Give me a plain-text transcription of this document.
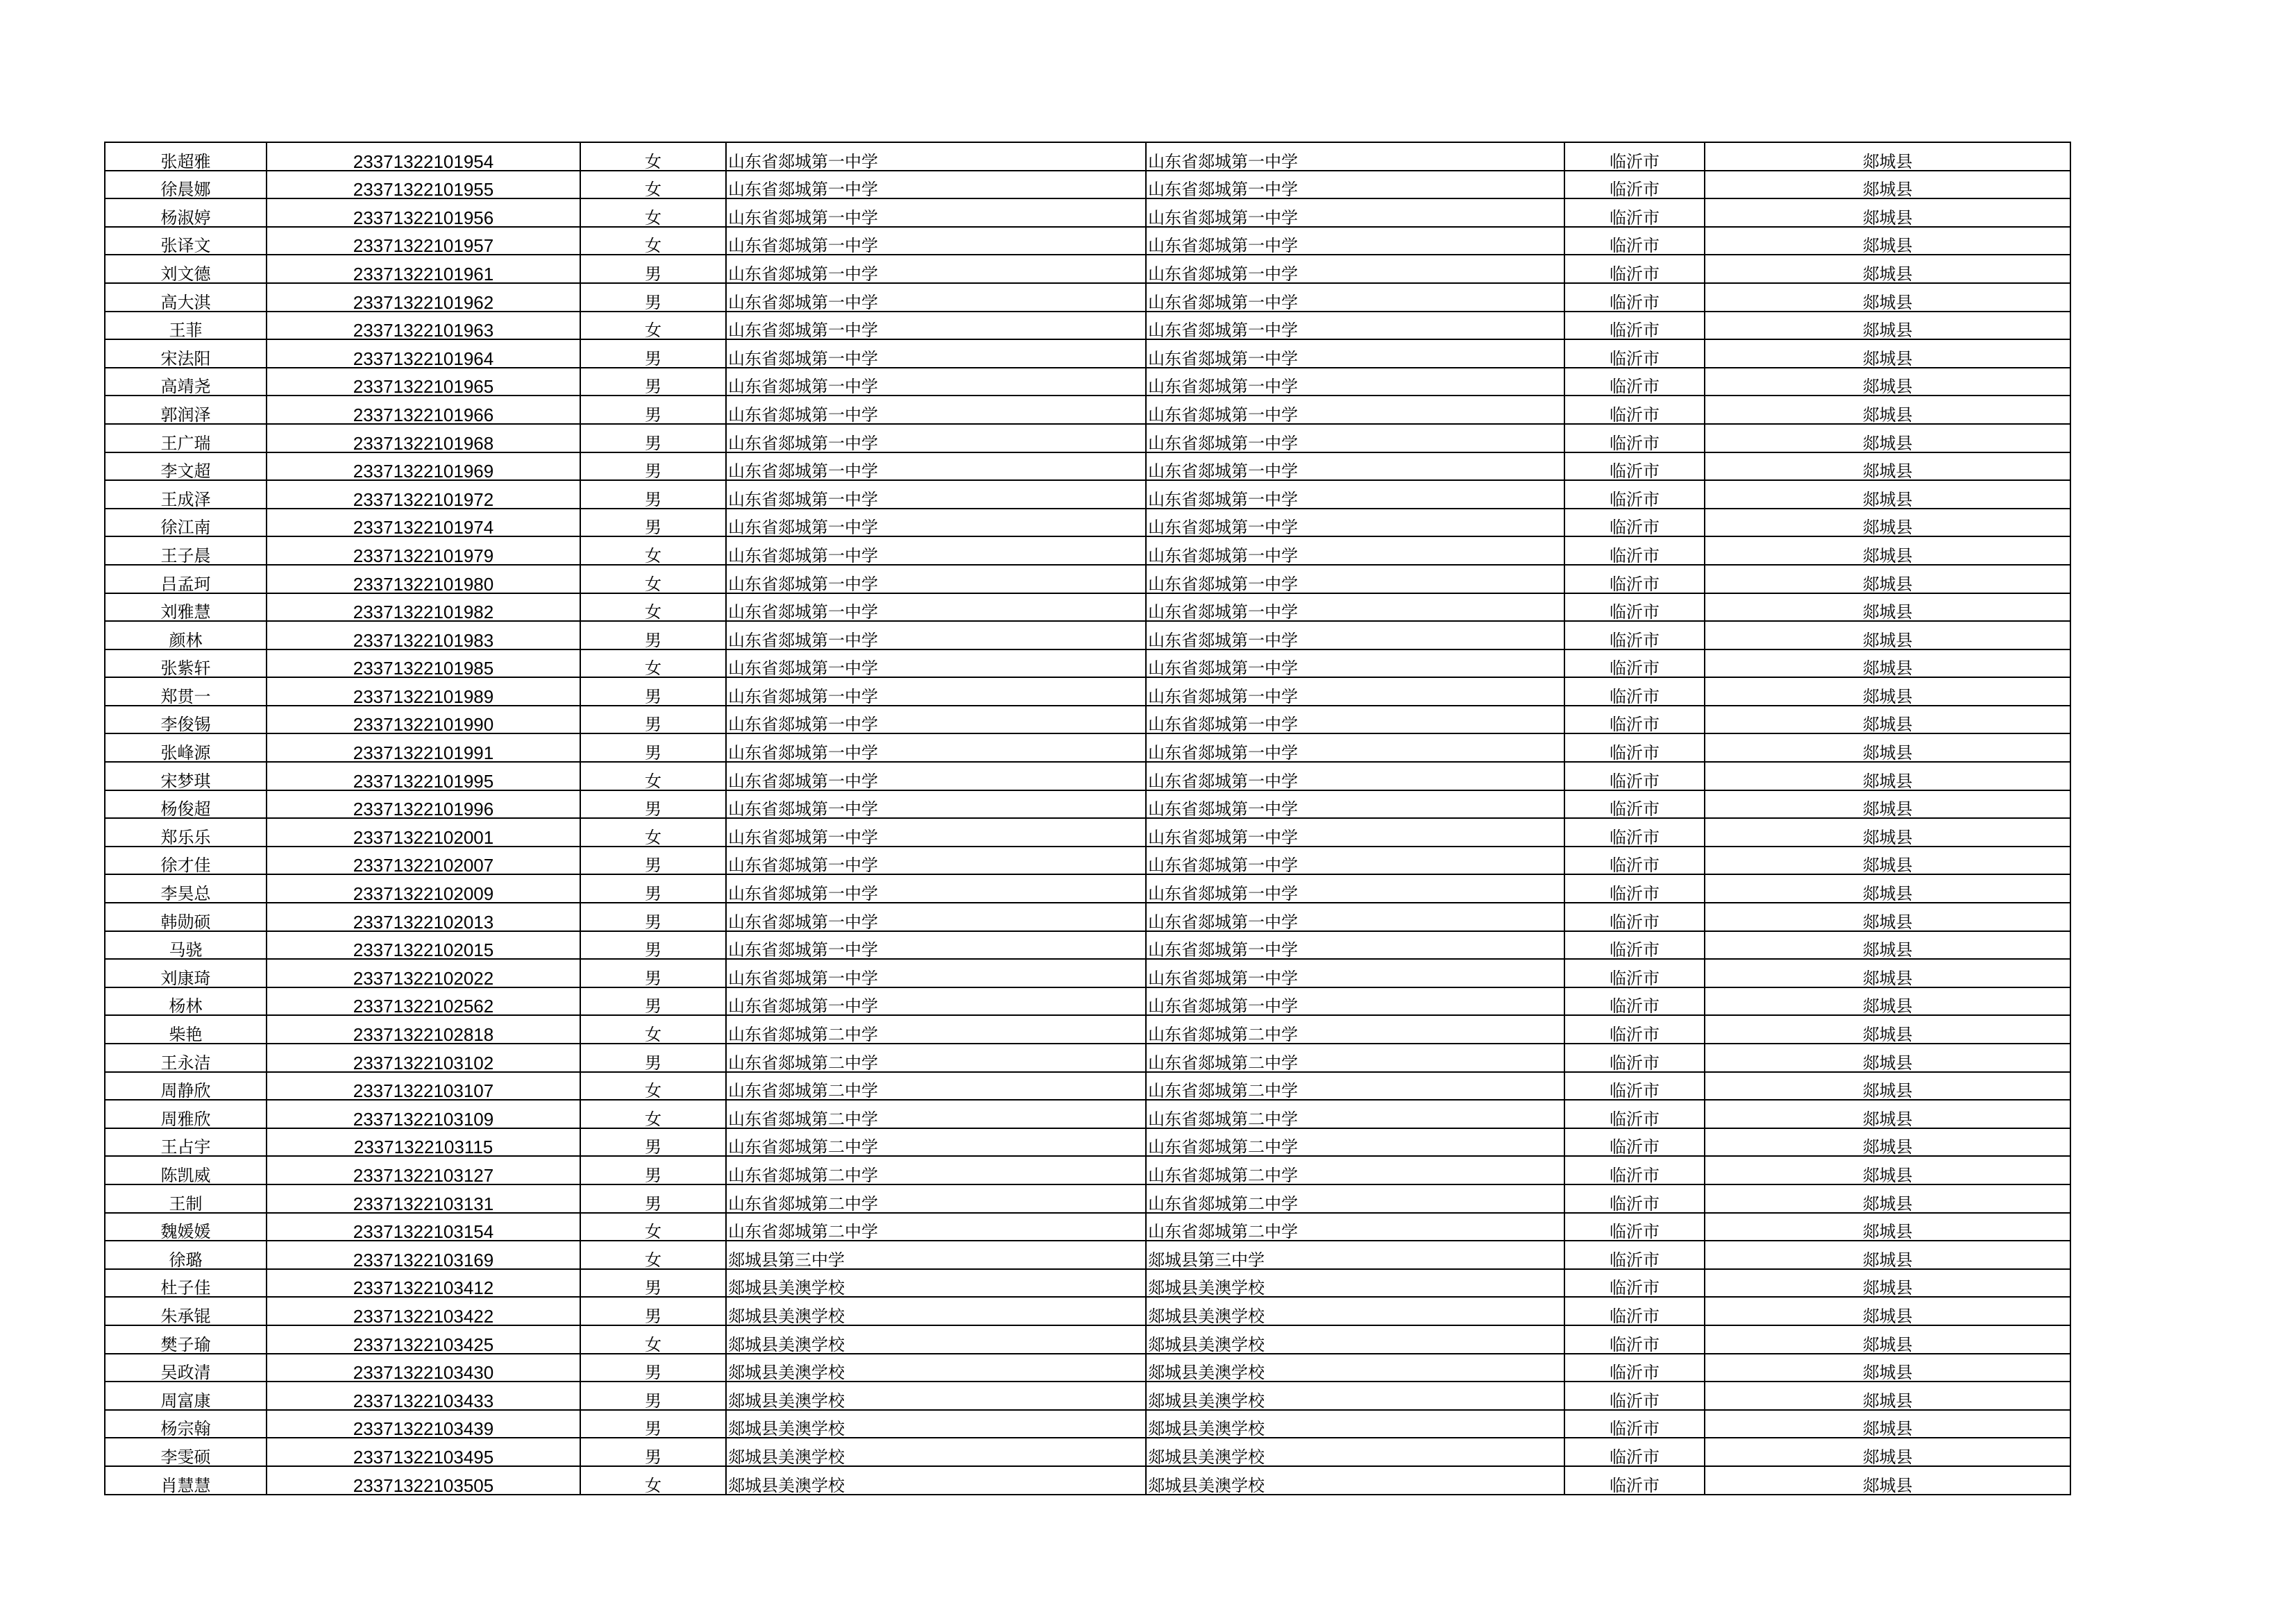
张超雅	23371322101954	女	山东省郯城第一中学	山东省郯城第一中学	临沂市	郯城县
徐晨娜	23371322101955	女	山东省郯城第一中学	山东省郯城第一中学	临沂市	郯城县
杨淑婷	23371322101956	女	山东省郯城第一中学	山东省郯城第一中学	临沂市	郯城县
张译文	23371322101957	女	山东省郯城第一中学	山东省郯城第一中学	临沂市	郯城县
刘文德	23371322101961	男	山东省郯城第一中学	山东省郯城第一中学	临沂市	郯城县
高大淇	23371322101962	男	山东省郯城第一中学	山东省郯城第一中学	临沂市	郯城县
王菲	23371322101963	女	山东省郯城第一中学	山东省郯城第一中学	临沂市	郯城县
宋法阳	23371322101964	男	山东省郯城第一中学	山东省郯城第一中学	临沂市	郯城县
高靖尧	23371322101965	男	山东省郯城第一中学	山东省郯城第一中学	临沂市	郯城县
郭润泽	23371322101966	男	山东省郯城第一中学	山东省郯城第一中学	临沂市	郯城县
王广瑞	23371322101968	男	山东省郯城第一中学	山东省郯城第一中学	临沂市	郯城县
李文超	23371322101969	男	山东省郯城第一中学	山东省郯城第一中学	临沂市	郯城县
王成泽	23371322101972	男	山东省郯城第一中学	山东省郯城第一中学	临沂市	郯城县
徐江南	23371322101974	男	山东省郯城第一中学	山东省郯城第一中学	临沂市	郯城县
王子晨	23371322101979	女	山东省郯城第一中学	山东省郯城第一中学	临沂市	郯城县
吕孟珂	23371322101980	女	山东省郯城第一中学	山东省郯城第一中学	临沂市	郯城县
刘雅慧	23371322101982	女	山东省郯城第一中学	山东省郯城第一中学	临沂市	郯城县
颜林	23371322101983	男	山东省郯城第一中学	山东省郯城第一中学	临沂市	郯城县
张紫轩	23371322101985	女	山东省郯城第一中学	山东省郯城第一中学	临沂市	郯城县
郑贯一	23371322101989	男	山东省郯城第一中学	山东省郯城第一中学	临沂市	郯城县
李俊锡	23371322101990	男	山东省郯城第一中学	山东省郯城第一中学	临沂市	郯城县
张峰源	23371322101991	男	山东省郯城第一中学	山东省郯城第一中学	临沂市	郯城县
宋梦琪	23371322101995	女	山东省郯城第一中学	山东省郯城第一中学	临沂市	郯城县
杨俊超	23371322101996	男	山东省郯城第一中学	山东省郯城第一中学	临沂市	郯城县
郑乐乐	23371322102001	女	山东省郯城第一中学	山东省郯城第一中学	临沂市	郯城县
徐才佳	23371322102007	男	山东省郯城第一中学	山东省郯城第一中学	临沂市	郯城县
李昊总	23371322102009	男	山东省郯城第一中学	山东省郯城第一中学	临沂市	郯城县
韩勋硕	23371322102013	男	山东省郯城第一中学	山东省郯城第一中学	临沂市	郯城县
马骁	23371322102015	男	山东省郯城第一中学	山东省郯城第一中学	临沂市	郯城县
刘康琦	23371322102022	男	山东省郯城第一中学	山东省郯城第一中学	临沂市	郯城县
杨林	23371322102562	男	山东省郯城第一中学	山东省郯城第一中学	临沂市	郯城县
柴艳	23371322102818	女	山东省郯城第二中学	山东省郯城第二中学	临沂市	郯城县
王永洁	23371322103102	男	山东省郯城第二中学	山东省郯城第二中学	临沂市	郯城县
周静欣	23371322103107	女	山东省郯城第二中学	山东省郯城第二中学	临沂市	郯城县
周雅欣	23371322103109	女	山东省郯城第二中学	山东省郯城第二中学	临沂市	郯城县
王占宇	23371322103115	男	山东省郯城第二中学	山东省郯城第二中学	临沂市	郯城县
陈凯威	23371322103127	男	山东省郯城第二中学	山东省郯城第二中学	临沂市	郯城县
王制	23371322103131	男	山东省郯城第二中学	山东省郯城第二中学	临沂市	郯城县
魏媛媛	23371322103154	女	山东省郯城第二中学	山东省郯城第二中学	临沂市	郯城县
徐璐	23371322103169	女	郯城县第三中学	郯城县第三中学	临沂市	郯城县
杜子佳	23371322103412	男	郯城县美澳学校	郯城县美澳学校	临沂市	郯城县
朱承锟	23371322103422	男	郯城县美澳学校	郯城县美澳学校	临沂市	郯城县
樊子瑜	23371322103425	女	郯城县美澳学校	郯城县美澳学校	临沂市	郯城县
吴政清	23371322103430	男	郯城县美澳学校	郯城县美澳学校	临沂市	郯城县
周富康	23371322103433	男	郯城县美澳学校	郯城县美澳学校	临沂市	郯城县
杨宗翰	23371322103439	男	郯城县美澳学校	郯城县美澳学校	临沂市	郯城县
李雯硕	23371322103495	男	郯城县美澳学校	郯城县美澳学校	临沂市	郯城县
肖慧慧	23371322103505	女	郯城县美澳学校	郯城县美澳学校	临沂市	郯城县
